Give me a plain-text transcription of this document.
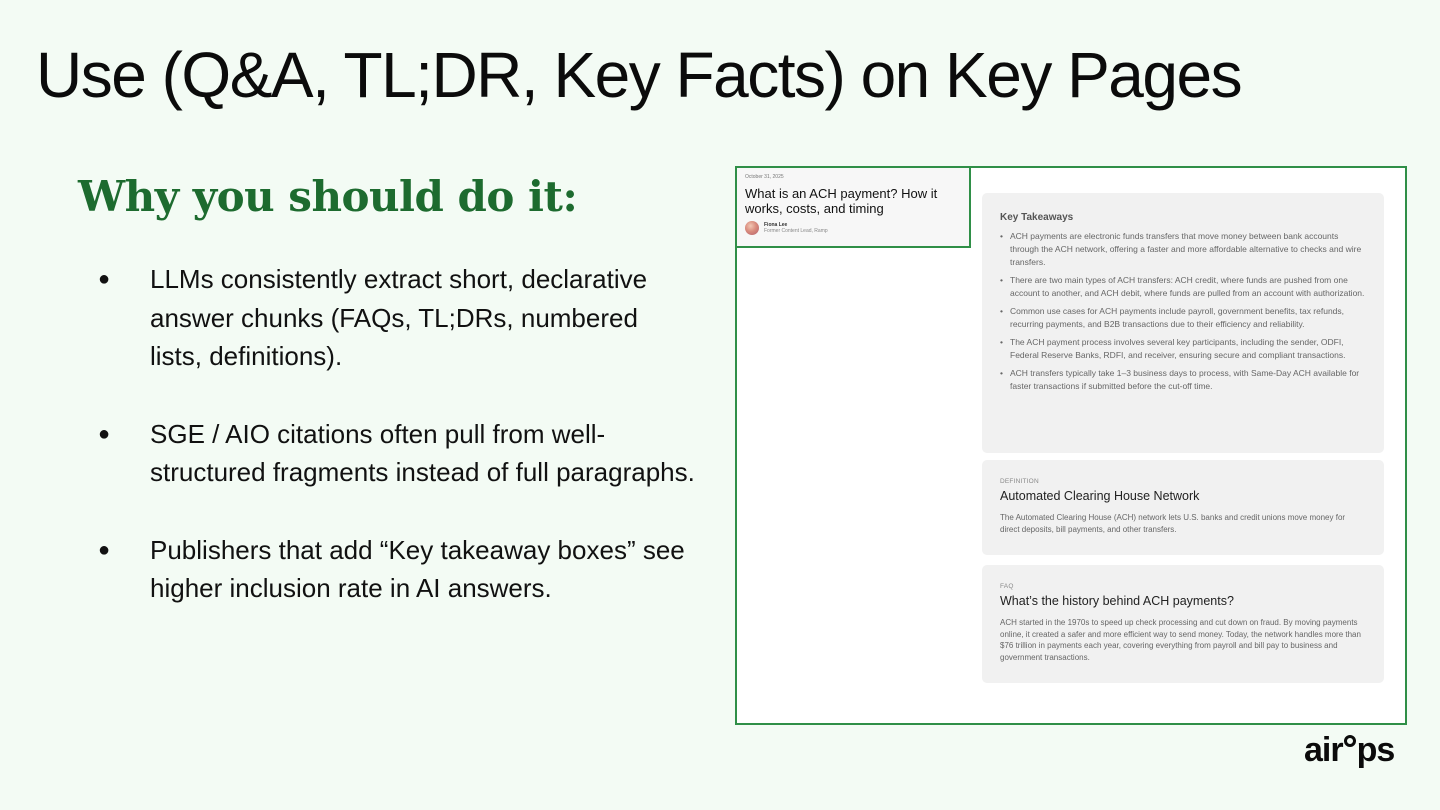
Use (Q&A, TL;DR, Key Facts) on Key Pages
Why you should do it:
● LLMs consistently extract short, declarative answer chunks (FAQs, TL;DRs, numbered lists, definitions).
● SGE / AIO citations often pull from well-structured fragments instead of full paragraphs.
● Publishers that add “Key takeaway boxes” see higher inclusion rate in AI answers.
October 31, 2025
What is an ACH payment? How it works, costs, and timing
Fiona Lee
Former Content Lead, Ramp
Key Takeaways
• ACH payments are electronic funds transfers that move money between bank accounts through the ACH network, offering a faster and more affordable alternative to checks and wire transfers.
• There are two main types of ACH transfers: ACH credit, where funds are pushed from one account to another, and ACH debit, where funds are pulled from an account with authorization.
• Common use cases for ACH payments include payroll, government benefits, tax refunds, recurring payments, and B2B transactions due to their efficiency and reliability.
• The ACH payment process involves several key participants, including the sender, ODFI, Federal Reserve Banks, RDFI, and receiver, ensuring secure and compliant transactions.
• ACH transfers typically take 1–3 business days to process, with Same-Day ACH available for faster transactions if submitted before the cut-off time.
DEFINITION
Automated Clearing House Network
The Automated Clearing House (ACH) network lets U.S. banks and credit unions move money for direct deposits, bill payments, and other transfers.
FAQ
What’s the history behind ACH payments?
ACH started in the 1970s to speed up check processing and cut down on fraud. By moving payments online, it created a safer and more efficient way to send money. Today, the network handles more than $76 trillion in payments each year, covering everything from payroll and bill pay to business and government transactions.
air ps
